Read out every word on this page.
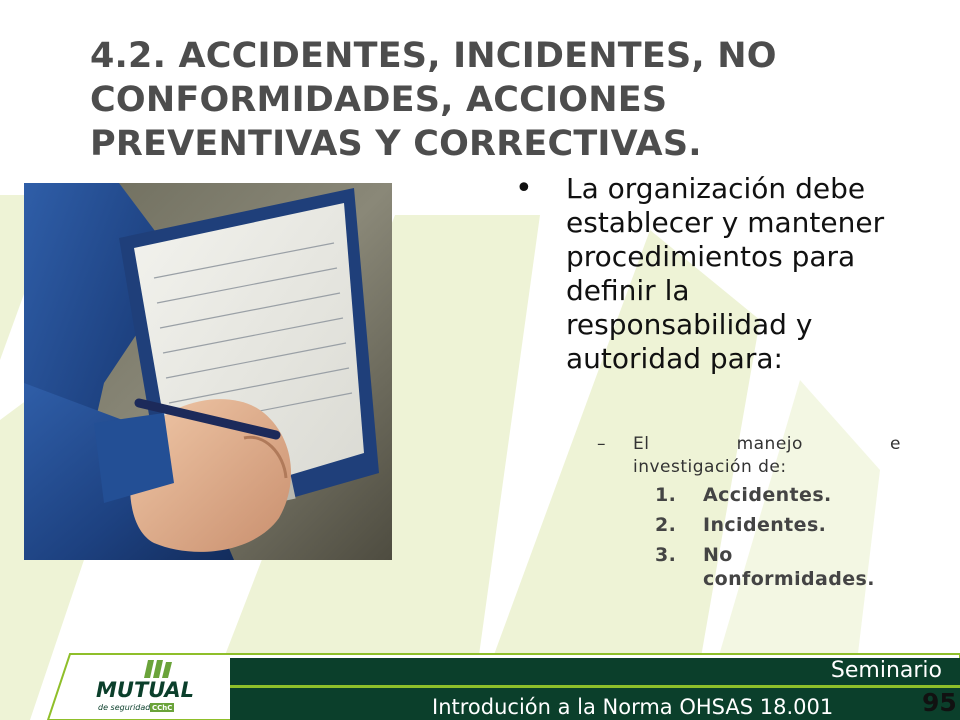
4.2. ACCIDENTES, INCIDENTES, NO CONFORMIDADES, ACCIONES PREVENTIVAS Y CORRECTIVAS.
• La organización debe establecer y mantener procedimientos para definir la responsabilidad y autoridad para:
– El manejo e
investigación de:
1. Accidentes.
2. Incidentes.
3. No conformidades.
MUTUAL
de seguridad CChC
Seminario
Introdución a la Norma OHSAS 18.001	95
